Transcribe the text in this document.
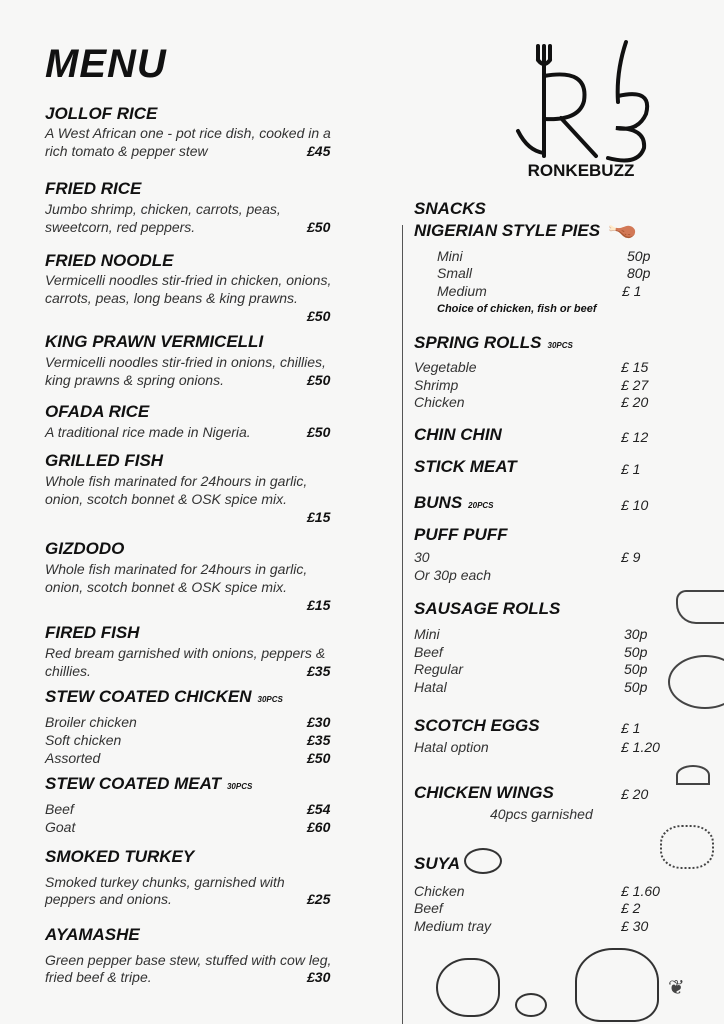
MENU
RONKEBUZZ
JOLLOF RICE
A West African one - pot rice dish, cooked in a
rich tomato & pepper stew	£45
FRIED RICE
Jumbo shrimp, chicken, carrots, peas,
sweetcorn, red peppers.	£50
FRIED NOODLE
Vermicelli noodles stir-fried in chicken, onions,
carrots, peas, long beans & king prawns.
£50
KING PRAWN VERMICELLI
Vermicelli noodles stir-fried in onions, chillies,
king prawns & spring onions.	£50
OFADA RICE
A traditional rice made in Nigeria.	£50
GRILLED FISH
Whole fish marinated for 24hours in garlic,
onion, scotch bonnet & OSK spice mix.
£15
GIZDODO
Whole fish marinated for 24hours in garlic,
onion, scotch bonnet & OSK spice mix.
£15
FIRED FISH
Red bream garnished with onions, peppers &
chillies.	£35
STEW COATED CHICKEN 30PCS
Broiler chicken	£30
Soft chicken	£35
Assorted	£50
STEW COATED MEAT 30PCS
Beef	£54
Goat	£60
SMOKED TURKEY
Smoked turkey chunks, garnished with
peppers and onions.	£25
AYAMASHE
Green pepper base stew, stuffed with cow leg,
fried beef & tripe.	£30
SNACKS
NIGERIAN STYLE PIES 🍗
Mini	50p
Small	80p
Medium	£ 1
Choice of chicken, fish or beef
SPRING ROLLS 30PCS
Vegetable	£ 15
Shrimp	£ 27
Chicken	£ 20
CHIN CHIN	£ 12
STICK MEAT	£ 1
BUNS 20PCS	£ 10
PUFF PUFF
30	£ 9
Or 30p each
SAUSAGE ROLLS
Mini	30p
Beef	50p
Regular	50p
Hatal	50p
SCOTCH EGGS	£ 1
Hatal option	£ 1.20
CHICKEN WINGS	£ 20
40pcs garnished
SUYA
Chicken	£ 1.60
Beef	£ 2
Medium tray	£ 30
❦
